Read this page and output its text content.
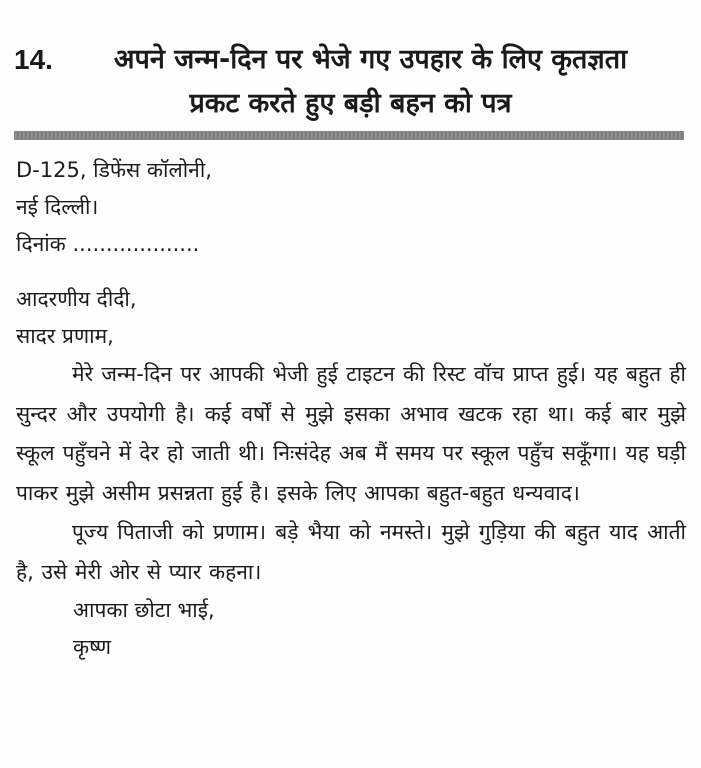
14.	अपने जन्म-दिन पर भेजे गए उपहार के लिए कृतज्ञता
प्रकट करते हुए बड़ी बहन को पत्र
D-125, डिफेंस कॉलोनी,
नई दिल्ली।
दिनांक ...................
आदरणीय दीदी,
सादर प्रणाम,
मेरे जन्म-दिन पर आपकी भेजी हुई टाइटन की रिस्ट वॉच प्राप्त हुई। यह बहुत ही सुन्दर और उपयोगी है। कई वर्षों से मुझे इसका अभाव खटक रहा था। कई बार मुझे स्कूल पहुँचने में देर हो जाती थी। निःसंदेह अब मैं समय पर स्कूल पहुँच सकूँगा। यह घड़ी पाकर मुझे असीम प्रसन्नता हुई है। इसके लिए आपका बहुत-बहुत धन्यवाद।
पूज्य पिताजी को प्रणाम। बड़े भैया को नमस्ते। मुझे गुड़िया की बहुत याद आती है, उसे मेरी ओर से प्यार कहना।
आपका छोटा भाई,
कृष्ण
